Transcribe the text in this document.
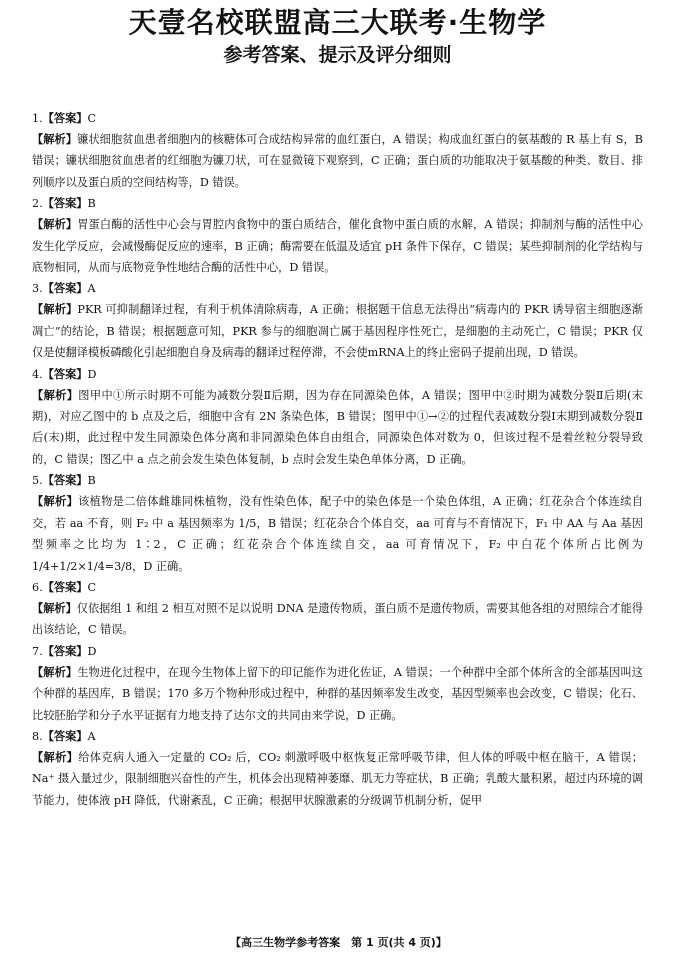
天壹名校联盟高三大联考·生物学
参考答案、提示及评分细则
1.【答案】C
【解析】镰状细胞贫血患者细胞内的核糖体可合成结构异常的血红蛋白，A 错误；构成血红蛋白的氨基酸的 R 基上有 S，B 错误；镰状细胞贫血患者的红细胞为镰刀状，可在显微镜下观察到，C 正确；蛋白质的功能取决于氨基酸的种类、数目、排列顺序以及蛋白质的空间结构等，D 错误。
2.【答案】B
【解析】胃蛋白酶的活性中心会与胃腔内食物中的蛋白质结合，催化食物中蛋白质的水解，A 错误；抑制剂与酶的活性中心发生化学反应，会减慢酶促反应的速率，B 正确；酶需要在低温及适宜 pH 条件下保存，C 错误；某些抑制剂的化学结构与底物相同，从而与底物竞争性地结合酶的活性中心，D 错误。
3.【答案】A
【解析】PKR 可抑制翻译过程，有利于机体清除病毒，A 正确；根据题干信息无法得出“病毒内的 PKR 诱导宿主细胞逐渐凋亡”的结论，B 错误；根据题意可知，PKR 参与的细胞凋亡属于基因程序性死亡，是细胞的主动死亡，C 错误；PKR 仅仅是使翻译模板磷酸化引起细胞自身及病毒的翻译过程停滞，不会使mRNA上的终止密码子提前出现，D 错误。
4.【答案】D
【解析】图甲中①所示时期不可能为减数分裂Ⅱ后期，因为存在同源染色体，A 错误；图甲中②时期为减数分裂Ⅱ后期(末期)，对应乙图中的 b 点及之后，细胞中含有 2N 条染色体，B 错误；图甲中①→②的过程代表减数分裂Ⅰ末期到减数分裂Ⅱ后(末)期，此过程中发生同源染色体分离和非同源染色体自由组合，同源染色体对数为 0，但该过程不是着丝粒分裂导致的，C 错误；图乙中 a 点之前会发生染色体复制，b 点时会发生染色单体分离，D 正确。
5.【答案】B
【解析】该植物是二倍体雌雄同株植物，没有性染色体，配子中的染色体是一个染色体组，A 正确；红花杂合个体连续自交，若 aa 不育，则 F₂ 中 a 基因频率为 1/5，B 错误；红花杂合个体自交，aa 可育与不育情况下，F₁ 中 AA 与 Aa 基因型频率之比均为 1∶2，C 正确；红花杂合个体连续自交，aa 可育情况下，F₂ 中白花个体所占比例为 1/4+1/2×1/4=3/8，D 正确。
6.【答案】C
【解析】仅依据组 1 和组 2 相互对照不足以说明 DNA 是遗传物质，蛋白质不是遗传物质，需要其他各组的对照综合才能得出该结论，C 错误。
7.【答案】D
【解析】生物进化过程中，在现今生物体上留下的印记能作为进化佐证，A 错误；一个种群中全部个体所含的全部基因叫这个种群的基因库，B 错误；170 多万个物种形成过程中，种群的基因频率发生改变，基因型频率也会改变，C 错误；化石、比较胚胎学和分子水平证据有力地支持了达尔文的共同由来学说，D 正确。
8.【答案】A
【解析】给体克病人通入一定量的 CO₂ 后，CO₂ 刺激呼吸中枢恢复正常呼吸节律，但人体的呼吸中枢在脑干，A 错误；Na⁺ 摄入量过少，限制细胞兴奋性的产生，机体会出现精神萎靡、肌无力等症状，B 正确；乳酸大量积累，超过内环境的调节能力，使体液 pH 降低，代谢紊乱，C 正确；根据甲状腺激素的分级调节机制分析，促甲
【高三生物学参考答案　第 1 页(共 4 页)】
